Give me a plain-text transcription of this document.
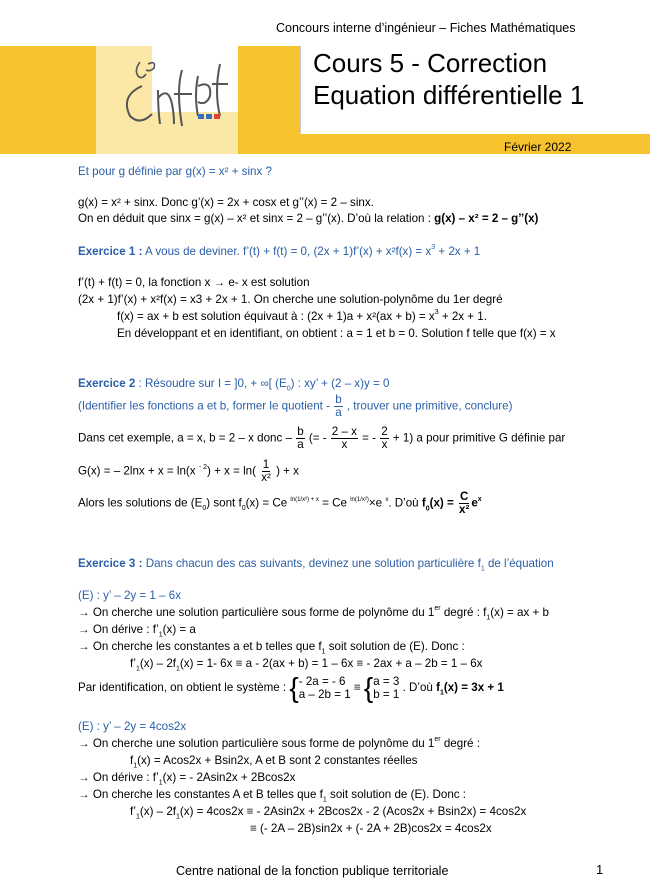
Concours interne d’ingénieur – Fiches Mathématiques
Cours 5 - Correction
Equation différentielle 1
Février 2022
Et pour g définie par g(x) = x² + sinx ?
g(x) = x² + sinx. Donc g’(x) = 2x + cosx et g’’(x) = 2 – sinx.
On en déduit que sinx = g(x) – x² et sinx = 2 – g’’(x). D’où la relation : g(x) – x² = 2 – g’’(x)
Exercice 1 : A vous de deviner. f’(t) + f(t) = 0, (2x + 1)f’(x) + $x^2f(x) = x^3 + 2x + 1$
f’(t) + f(t) = 0, la fonction x → e- x est solution
(2x + 1)f’(x) + x²f(x) = x3 + 2x + 1. On cherche une solution-polynôme du 1er degré
f(x) = ax + b est solution équivaut à : $(2x + 1)a + x^2(ax + b) = x^3 + 2x + 1$.
En développant et en identifiant, on obtient : a = 1 et b = 0. Solution f telle que f(x) = x
Exercice 2 : Résoudre sur I = ]0, + ∞[ $(E_0)$ : xy’ + (2 – x)y = 0
(Identifier les fonctions a et b, former le quotient - $\frac{b}{a}$ , trouver une primitive, conclure)
Dans cet exemple, a = x, b = 2 – x donc – $\frac{b}{a}$ (= - $\frac{2 - x}{x}$ = - $\frac{2}{x} + 1$) a pour primitive G définie par
G(x) = – 2lnx + x = ln(x $^{- 2}) + x = \ln( \frac{1}{\text{x²}}$ ) + x
Alors les solutions de $(E_0)$ sont $f_0(x) = Ce$ $^{ln(1/x^2) + x}$ = Ce $^{ln(1/x^2)}$×e $^x$. D’où $f_0(x) = \frac{C}{\text{x²}} e^x$
Exercice 3 : Dans chacun des cas suivants, devinez une solution particulière $f_1$ de l’équation
(E) : y’ – 2y = 1 – 6x
→ On cherche une solution particulière sous forme de polynôme du 1er degré : $f_1(x)$ = ax + b
→ On dérive : $f’_1(x) = a$
→ On cherche les constantes a et b telles que $f_1$ soit solution de (E). Donc :
$f’_1(x) - 2f_1(x) = 1-$ 6x ≡ a - 2(ax + b) = 1 – 6x ≡ - 2ax + a – 2b = 1 – 6x
Par identification, on obtient le système : { - 2a = - 6
a – 2b = 1
≡ { a = 3
b = 1
. D’où $f_1(x) = 3x + 1$
(E) : y’ – 2y = 4cos2x
→ On cherche une solution particulière sous forme de polynôme du 1er degré :
$f_1(x) = Acos2x + Bsin2x$, A et B sont 2 constantes réelles
→ On dérive : $f’_1(x)$ = - 2Asin2x + 2Bcos2x
→ On cherche les constantes A et B telles que $f_1$ soit solution de (E). Donc :
$f’_1(x) - 2f_1(x) = 4\cos 2x$ ≡ - 2Asin2x + 2Bcos2x - 2 (Acos2x + Bsin2x) = 4cos2x
≡ (- 2A – 2B)sin2x + (- 2A + 2B)cos2x = 4cos2x
Centre national de la fonction publique territoriale	1
